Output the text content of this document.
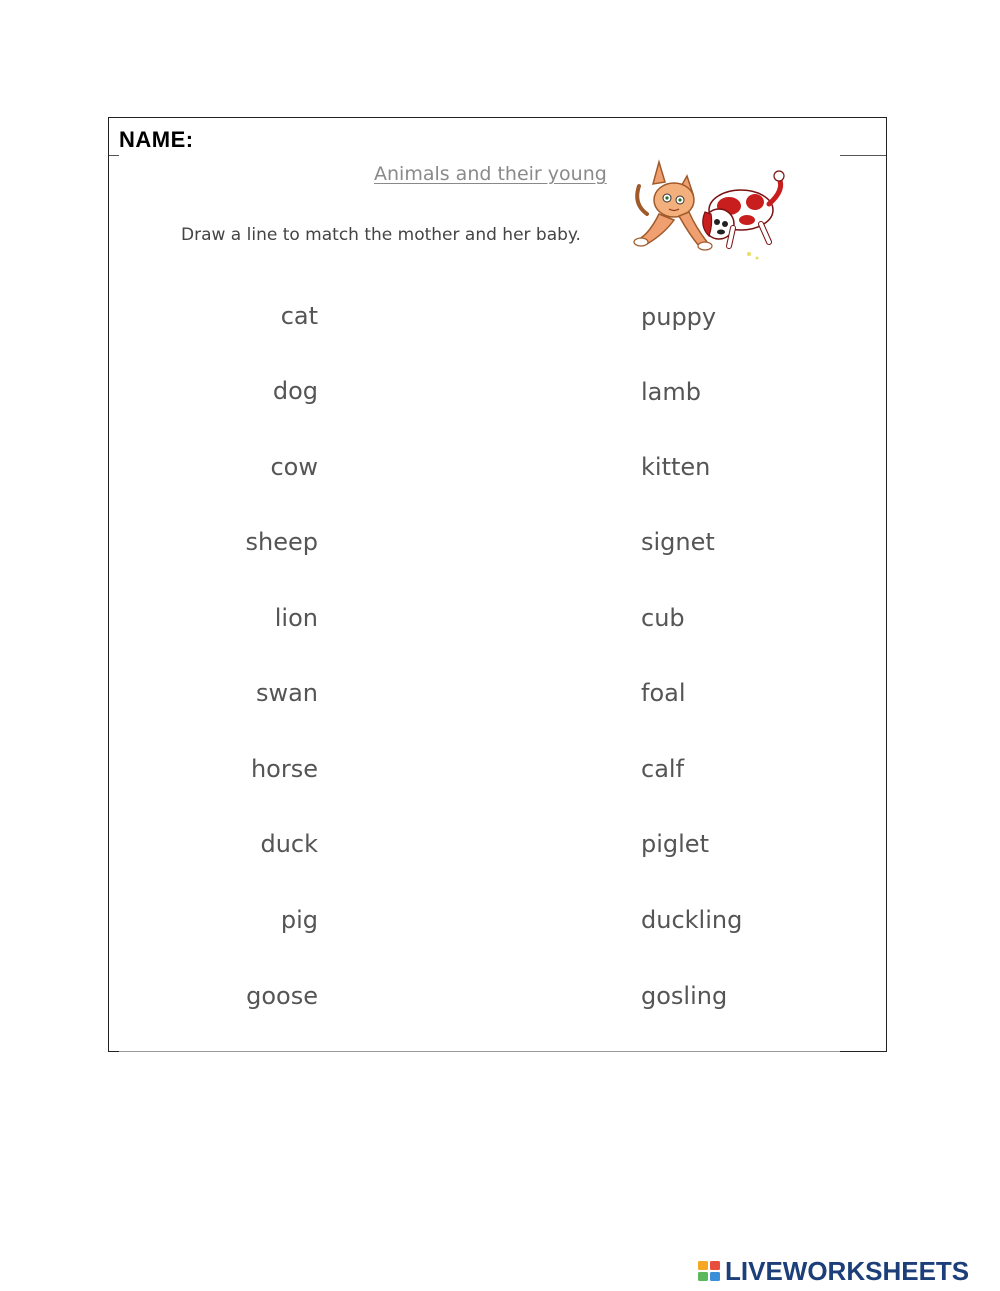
NAME:
Animals and their young
Draw a line to match the mother and her baby.
cat
dog
cow
sheep
lion
swan
horse
duck
pig
goose
puppy
lamb
kitten
signet
cub
foal
calf
piglet
duckling
gosling
LIVEWORKSHEETS
